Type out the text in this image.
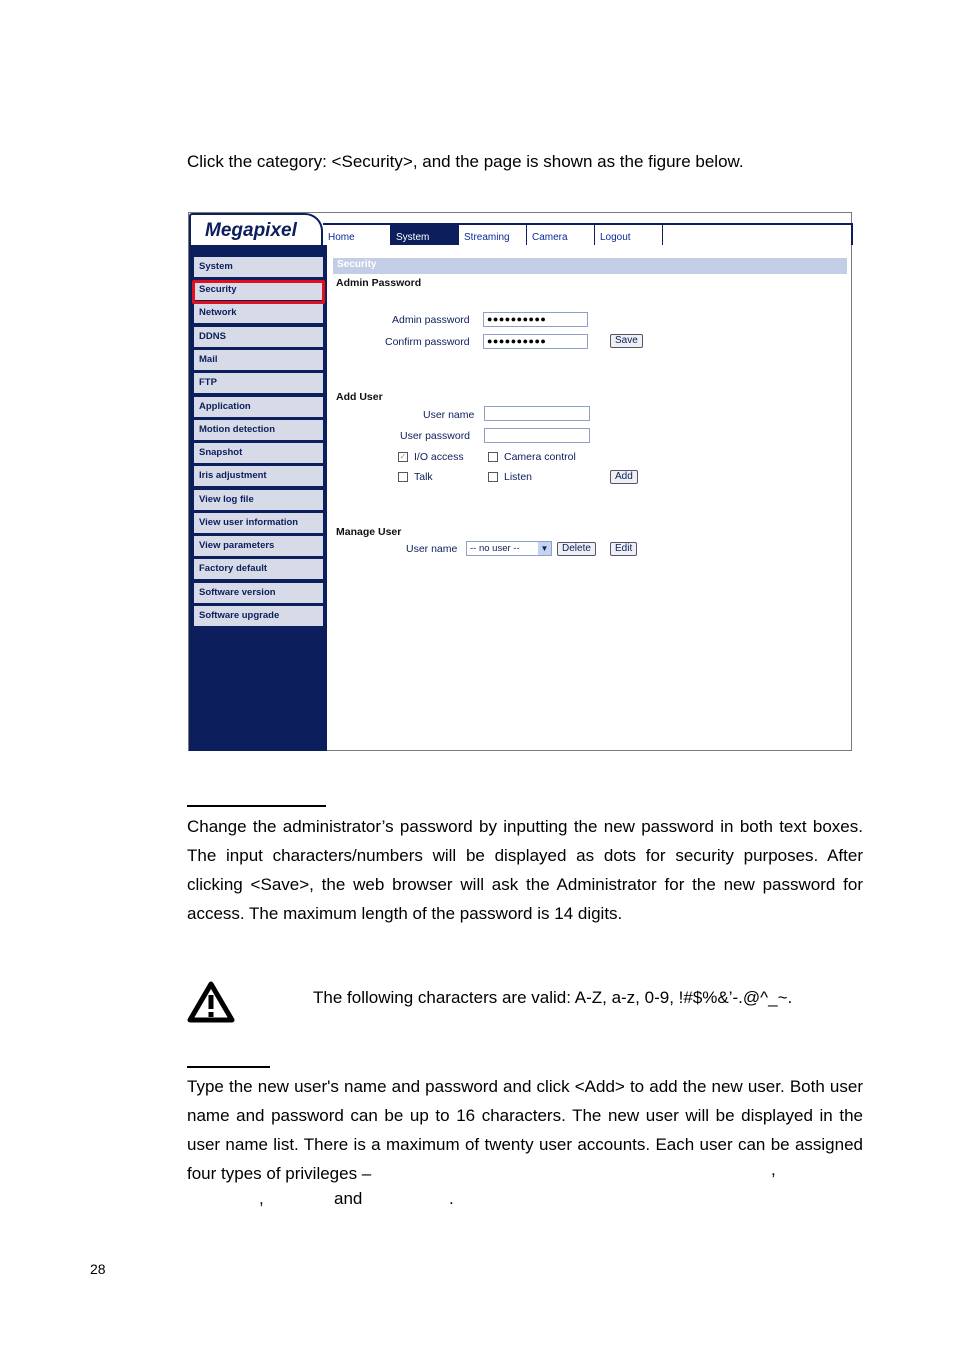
Click the category: <Security>, and the page is shown as the figure below.
Megapixel	Home	System	Streaming	Camera	Logout
System
Security
Network
DDNS
Mail
FTP
Application
Motion detection
Snapshot
Iris adjustment
View log file
View user information
View parameters
Factory default
Software version
Software upgrade
Security
Admin Password
Admin password	●●●●●●●●●●
Confirm password	●●●●●●●●●●	Save
Add User
User name
User password
✓ I/O access	Camera control
Talk	Listen	Add
Manage User
User name	-- no user --	▼	Delete	Edit
Change the administrator’s password by inputting the new password in both text boxes. The input characters/numbers will be displayed as dots for security purposes. After clicking <Save>, the web browser will ask the Administrator for the new password for access. The maximum length of the password is 14 digits.
The following characters are valid: A-Z, a-z, 0-9, !#$%&’-.@^_~.
Type the new user's name and password and click <Add> to add the new user. Both user name and password can be up to 16 characters. The new user will be displayed in the user name list. There is a maximum of twenty user accounts. Each user can be assigned four types of privileges –	,
,	and	.
28
